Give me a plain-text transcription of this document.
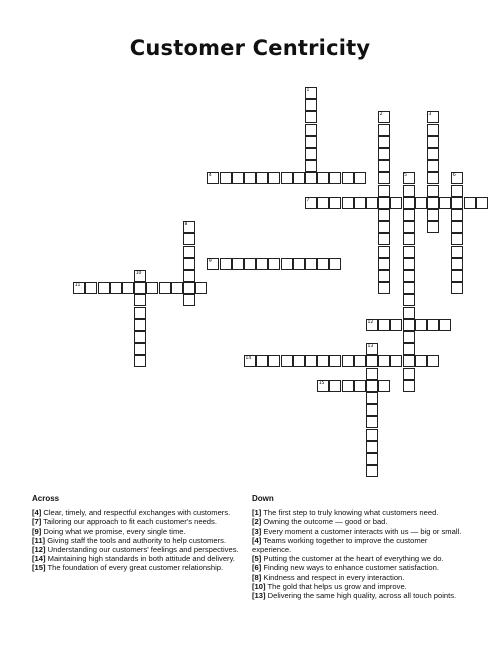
Customer Centricity
1
2	3
4	5	6
7
8
9
10
11
12
13
14
15
Across

[4] Clear, timely, and respectful exchanges with customers.

[7] Tailoring our approach to fit each customer's needs.

[9] Doing what we promise, every single time.

[11] Giving staff the tools and authority to help customers.

[12] Understanding our customers' feelings and perspectives.

[14] Maintaining high standards in both attitude and delivery.

[15] The foundation of every great customer relationship.

Down

[1] The first step to truly knowing what customers need.

[2] Owning the outcome — good or bad.

[3] Every moment a customer interacts with us — big or small.

[4] Teams working together to improve the customer experience.

[5] Putting the customer at the heart of everything we do.

[6] Finding new ways to enhance customer satisfaction.

[8] Kindness and respect in every interaction.

[10] The gold that helps us grow and improve.

[13] Delivering the same high quality, across all touch points.
